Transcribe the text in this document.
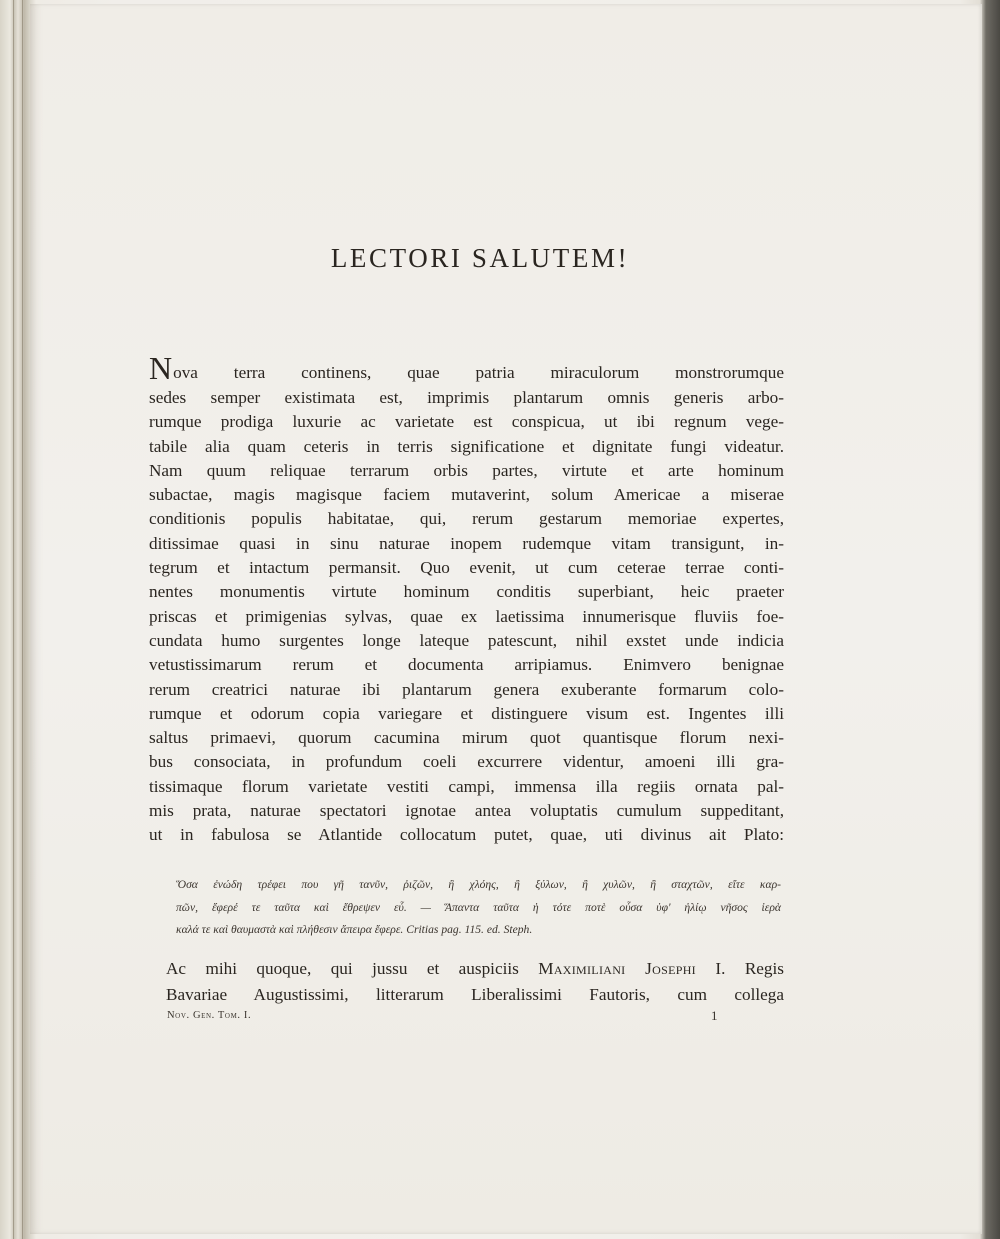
LECTORI SALUTEM!
Nova terra continens, quae patria miraculorum monstrorumque
sedes semper existimata est, imprimis plantarum omnis generis arbo-
rumque prodiga luxurie ac varietate est conspicua, ut ibi regnum vege-
tabile alia quam ceteris in terris significatione et dignitate fungi videatur.
Nam quum reliquae terrarum orbis partes, virtute et arte hominum
subactae, magis magisque faciem mutaverint, solum Americae a miserae
conditionis populis habitatae, qui, rerum gestarum memoriae expertes,
ditissimae quasi in sinu naturae inopem rudemque vitam transigunt, in-
tegrum et intactum permansit. Quo evenit, ut cum ceterae terrae conti-
nentes monumentis virtute hominum conditis superbiant, heic praeter
priscas et primigenias sylvas, quae ex laetissima innumerisque fluviis foe-
cundata humo surgentes longe lateque patescunt, nihil exstet unde indicia
vetustissimarum rerum et documenta arripiamus. Enimvero benignae
rerum creatrici naturae ibi plantarum genera exuberante formarum colo-
rumque et odorum copia variegare et distinguere visum est. Ingentes illi
saltus primaevi, quorum cacumina mirum quot quantisque florum nexi-
bus consociata, in profundum coeli excurrere videntur, amoeni illi gra-
tissimaque florum varietate vestiti campi, immensa illa regiis ornata pal-
mis prata, naturae spectatori ignotae antea voluptatis cumulum suppeditant,
ut in fabulosa se Atlantide collocatum putet, quae, uti divinus ait Plato:
Ὅσα ἐνώδη τρέφει που γῆ τανῦν, ῥιζῶν, ἢ χλόης, ἢ ξύλων, ἢ χυλῶν, ἢ σταχτῶν, εἴτε καρ-
πῶν, ἔφερέ τε ταῦτα καὶ ἔθρεψεν εὖ. — Ἅπαντα ταῦτα ἡ τότε ποτὲ οὖσα ὑφ' ἡλίῳ νῆσος ἱερὰ
καλά τε καὶ θαυμαστὰ καὶ πλήθεσιν ἄπειρα ἔφερε. Critias pag. 115. ed. Steph.
Ac mihi quoque, qui jussu et auspiciis Maximiliani Josephi I. Regis
Bavariae Augustissimi, litterarum Liberalissimi Fautoris, cum collega
Nov. Gen. Tom. I.	1
